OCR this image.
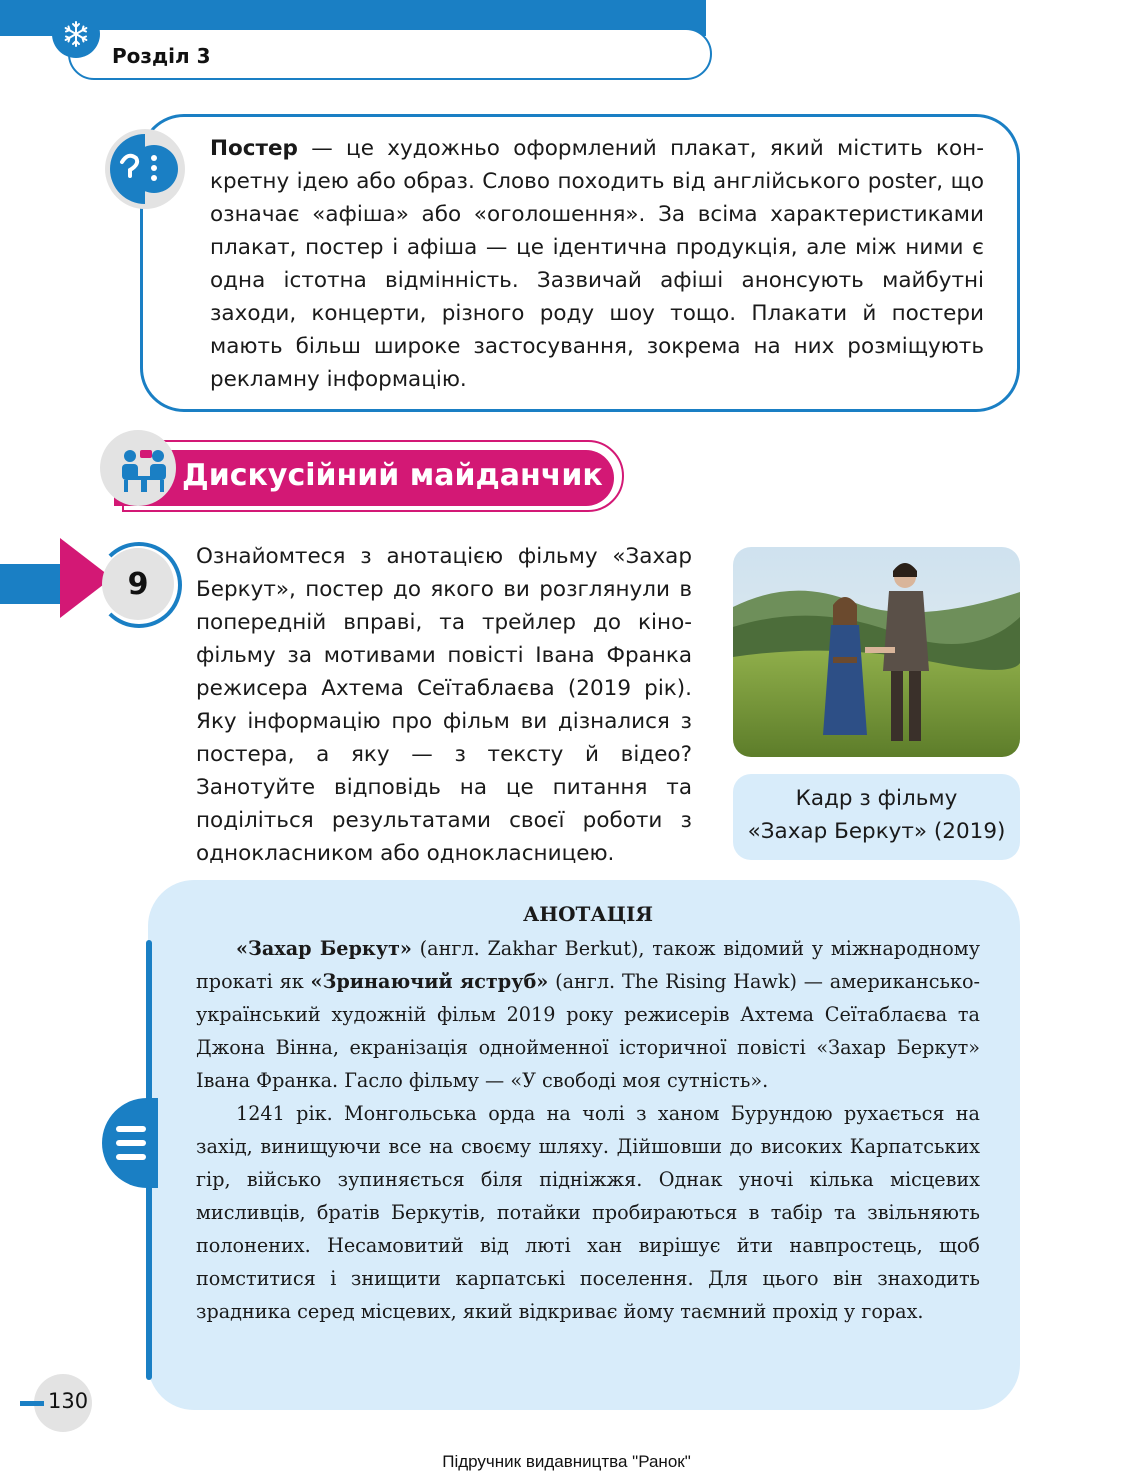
Розділ 3

Постер — це художньо оформлений плакат, який містить конкретну ідею або образ. Слово походить від англійського poster, що означає «афіша» або «оголошення». За всіма характеристиками плакат, постер і афіша — це ідентична продукція, але між ними є одна істотна відмінність. Зазвичай афіші анонсують майбутні заходи, концерти, різного роду шоу тощо. Плакати й постери мають більш широке застосування, зокрема на них розміщують рекламну інформацію.

Дискусійний майданчик
9

Ознайомтеся з анотацією фільму «Захар Беркут», постер до якого ви розглянули в попередній вправі, та трейлер до кінофільму за мотивами повісті Івана Франка режисера Ахтема Сеїтаблаєва (2019 рік). Яку інформацію про фільм ви дізналися з постера, а яку — з тексту й відео? Занотуйте відповідь на це питання та поділіться результатами своєї роботи з однокласником або однокласницею.

Кадр з фільму
«Захар Беркут» (2019)
АНОТАЦІЯ

«Захар Беркут» (англ. Zakhar Berkut), також відомий у міжнародному прокаті як «Зринаючий яструб» (англ. The Rising Hawk) — американсько-український художній фільм 2019 року режисерів Ахтема Сеїтаблаєва та Джона Вінна, екранізація однойменної історичної повісті «Захар Беркут» Івана Франка. Гасло фільму — «У свободі моя сутність».

1241 рік. Монгольська орда на чолі з ханом Бурундою рухається на захід, винищуючи все на своєму шляху. Дійшовши до високих Карпатських гір, військо зупиняється біля підніжжя. Однак уночі кілька місцевих мисливців, братів Беркутів, потайки пробираються в табір та звільняють полонених. Несамовитий від люті хан вирішує йти навпростець, щоб помститися і знищити карпатські поселення. Для цього він знаходить зрадника серед місцевих, який відкриває йому таємний прохід у горах.

130
Підручник видавництва "Ранок"
